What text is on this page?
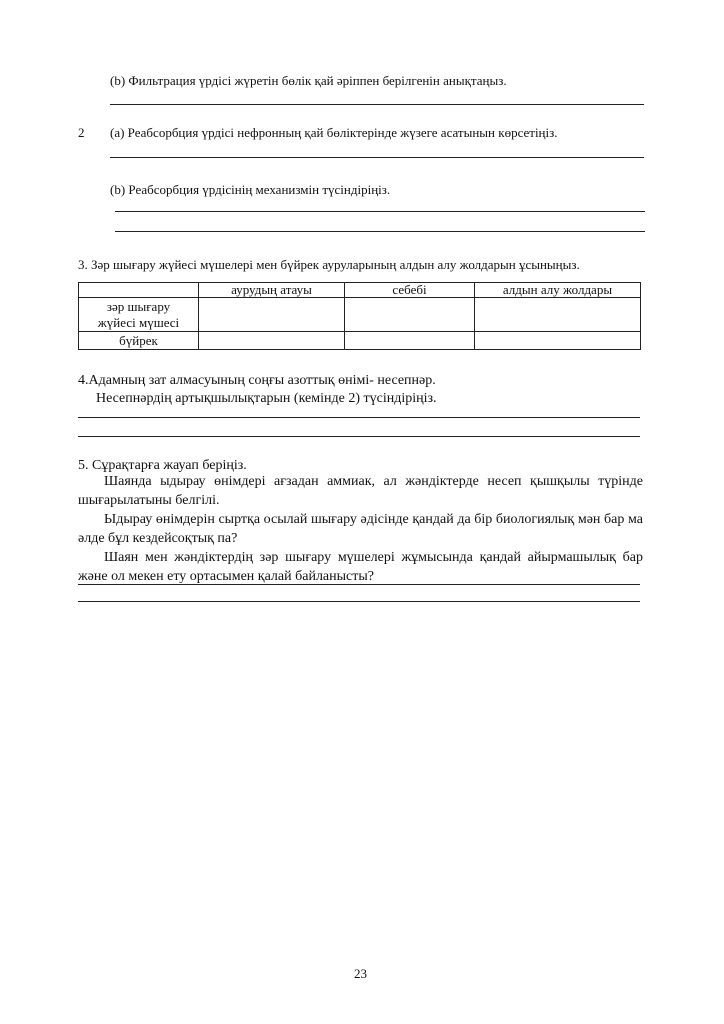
(b) Фильтрация үрдісі жүретін бөлік қай әріппен берілгенін анықтаңыз.
2 (a) Реабсорбция үрдісі нефронның қай бөліктерінде жүзеге асатынын көрсетіңіз.
(b) Реабсорбция үрдісінің механизмін түсіндіріңіз.
3. Зәр шығару жүйесі мүшелері мен бүйрек ауруларының алдын алу жолдарын ұсыныңыз.
	аурудың атауы	себебі	алдын алу жолдары

зәр шығару
жүйесі мүшесі			

бүйрек			
4.Адамның зат алмасуының соңғы азоттық өнімі- несепнәр.
Несепнәрдің артықшылықтарын (кемінде 2) түсіндіріңіз.
5. Сұрақтарға жауап беріңіз.

Шаянда ыдырау өнімдері ағзадан аммиак, ал жәндіктерде несеп қышқылы түрінде шығарылатыны белгілі.

Ыдырау өнімдерін сыртқа осылай шығару әдісінде қандай да бір биологиялық мән бар ма әлде бұл кездейсоқтық па?

Шаян мен жәндіктердің зәр шығару мүшелері жұмысында қандай айырмашылық бар және ол мекен ету ортасымен қалай байланысты?

23
